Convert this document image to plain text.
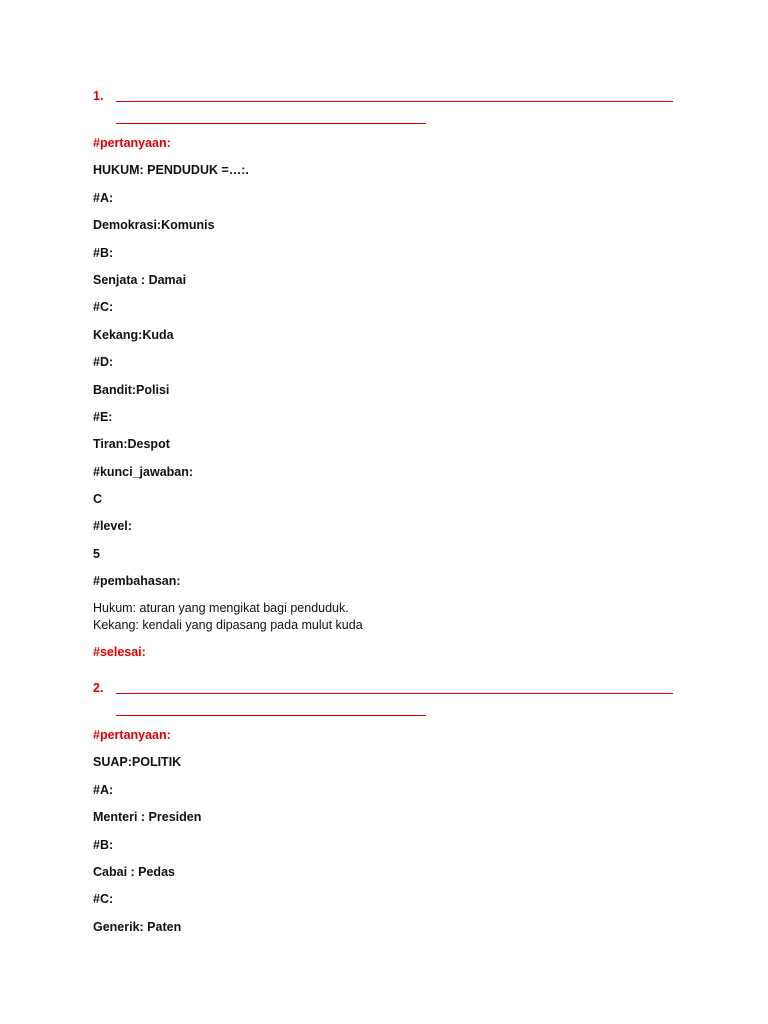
1.
#pertanyaan:
HUKUM: PENDUDUK =…:.
#A:
Demokrasi:Komunis
#B:
Senjata : Damai
#C:
Kekang:Kuda
#D:
Bandit:Polisi
#E:
Tiran:Despot
#kunci_jawaban:
C
#level:
5
#pembahasan:
Hukum: aturan yang mengikat bagi penduduk.
Kekang: kendali yang dipasang pada mulut kuda
#selesai:
2.
#pertanyaan:
SUAP:POLITIK
#A:
Menteri : Presiden
#B:
Cabai : Pedas
#C:
Generik: Paten
